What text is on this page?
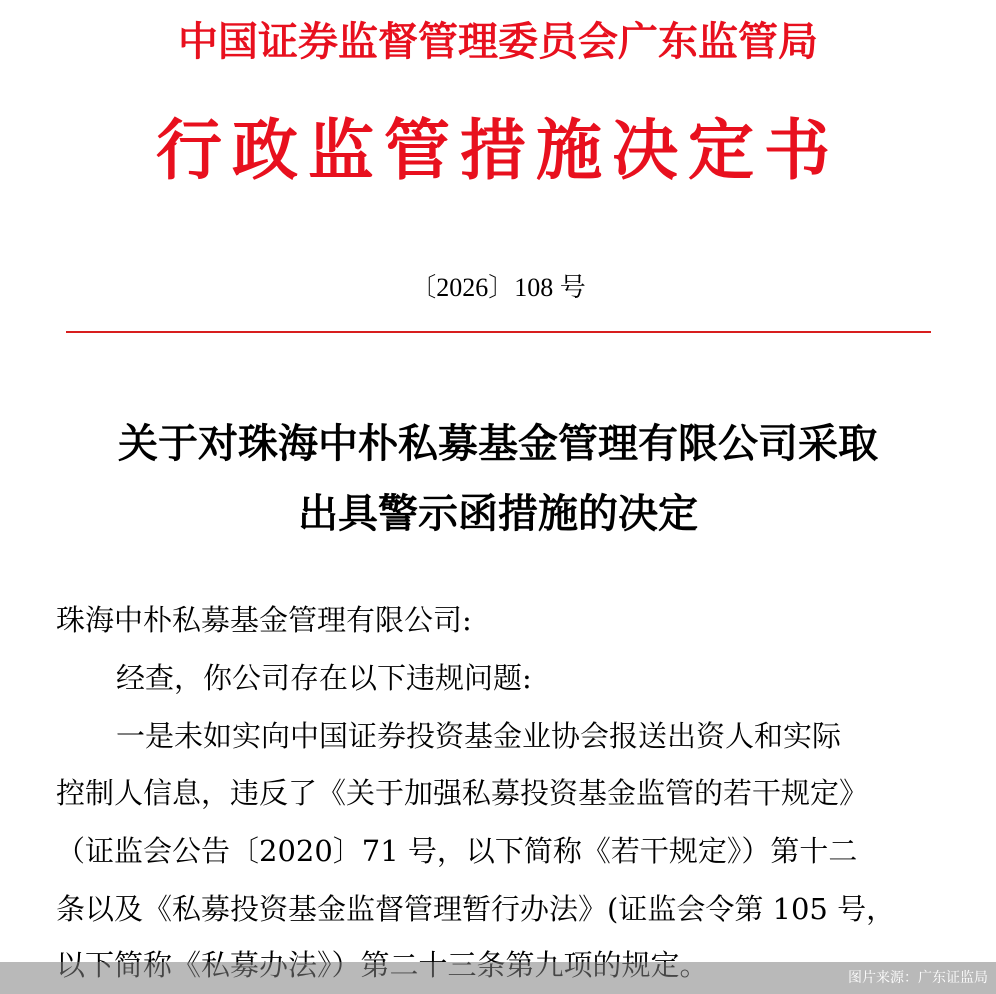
中国证券监督管理委员会广东监管局
行政监管措施决定书
〔2026〕108 号
关于对珠海中朴私募基金管理有限公司采取
出具警示函措施的决定
珠海中朴私募基金管理有限公司:
经查，你公司存在以下违规问题:
一是未如实向中国证券投资基金业协会报送出资人和实际
控制人信息，违反了《关于加强私募投资基金监管的若干规定》
（证监会公告〔2020〕71 号，以下简称《若干规定》）第十二
条以及《私募投资基金监督管理暂行办法》(证监会令第 105 号，
图片来源：广东证监局
